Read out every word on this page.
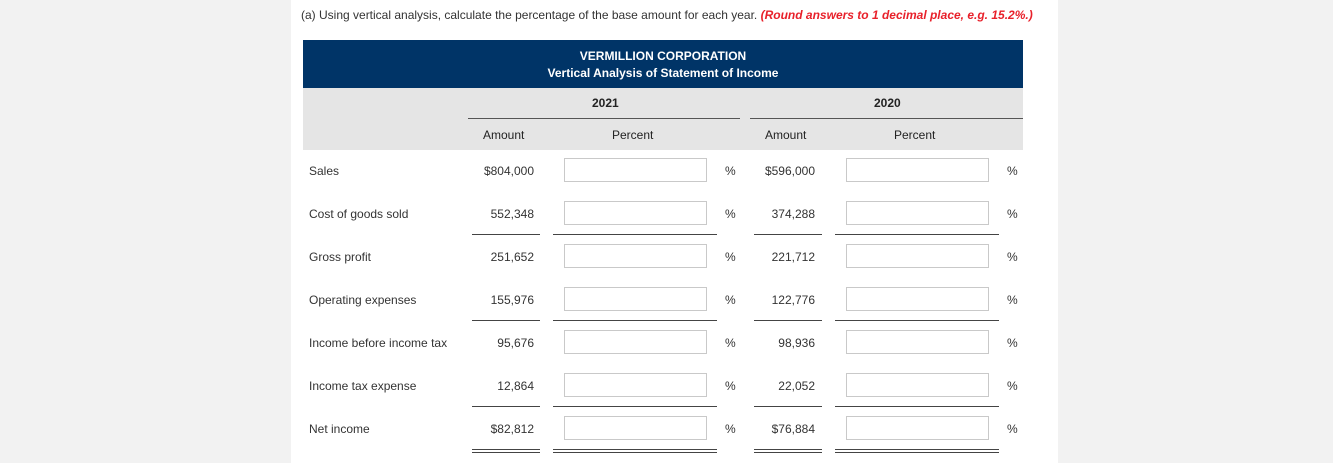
(a) Using vertical analysis, calculate the percentage of the base amount for each year. (Round answers to 1 decimal place, e.g. 15.2%.)
VERMILLION CORPORATION
Vertical Analysis of Statement of Income
2021	2020
Amount	Percent	Amount	Percent
Sales	$804,000	%	$596,000	%
Cost of goods sold	552,348	%	374,288	%
Gross profit	251,652	%	221,712	%
Operating expenses	155,976	%	122,776	%
Income before income tax	95,676	%	98,936	%
Income tax expense	12,864	%	22,052	%
Net income	$82,812	%	$76,884	%
